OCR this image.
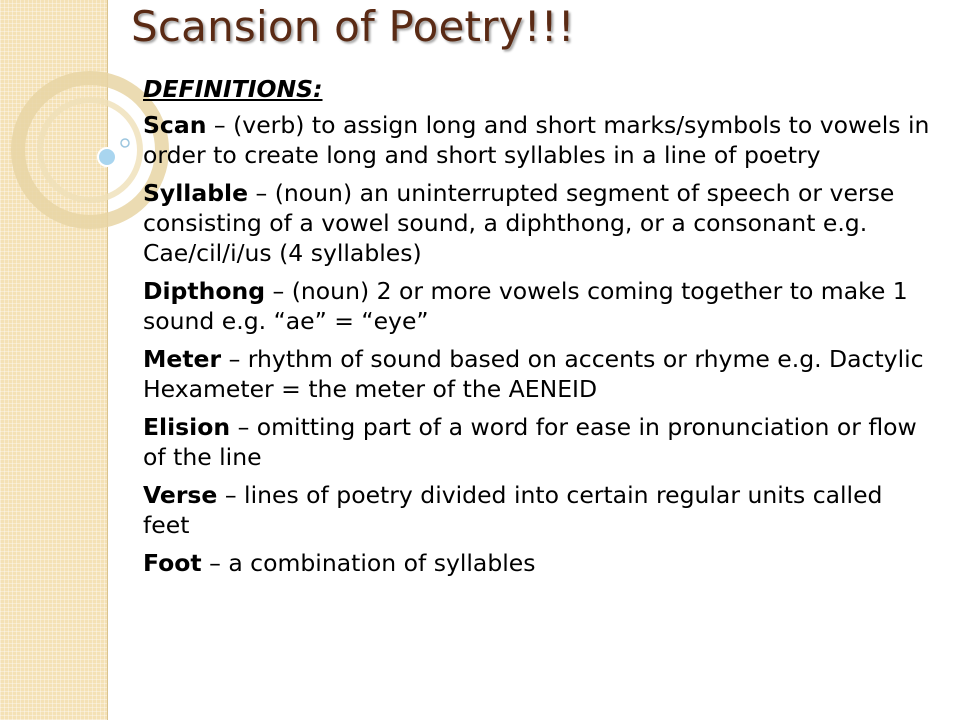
Scansion of Poetry!!!
DEFINITIONS:
Scan – (verb) to assign long and short marks/symbols to vowels in order to create long and short syllables in a line of poetry
Syllable – (noun) an uninterrupted segment of speech or verse consisting of a vowel sound, a diphthong, or a consonant e.g. Cae/cil/i/us (4 syllables)
Dipthong – (noun) 2 or more vowels coming together to make 1 sound e.g. “ae” = “eye”
Meter – rhythm of sound based on accents or rhyme e.g. Dactylic Hexameter = the meter of the AENEID
Elision – omitting part of a word for ease in pronunciation or flow of the line
Verse – lines of poetry divided into certain regular units called feet
Foot – a combination of syllables
